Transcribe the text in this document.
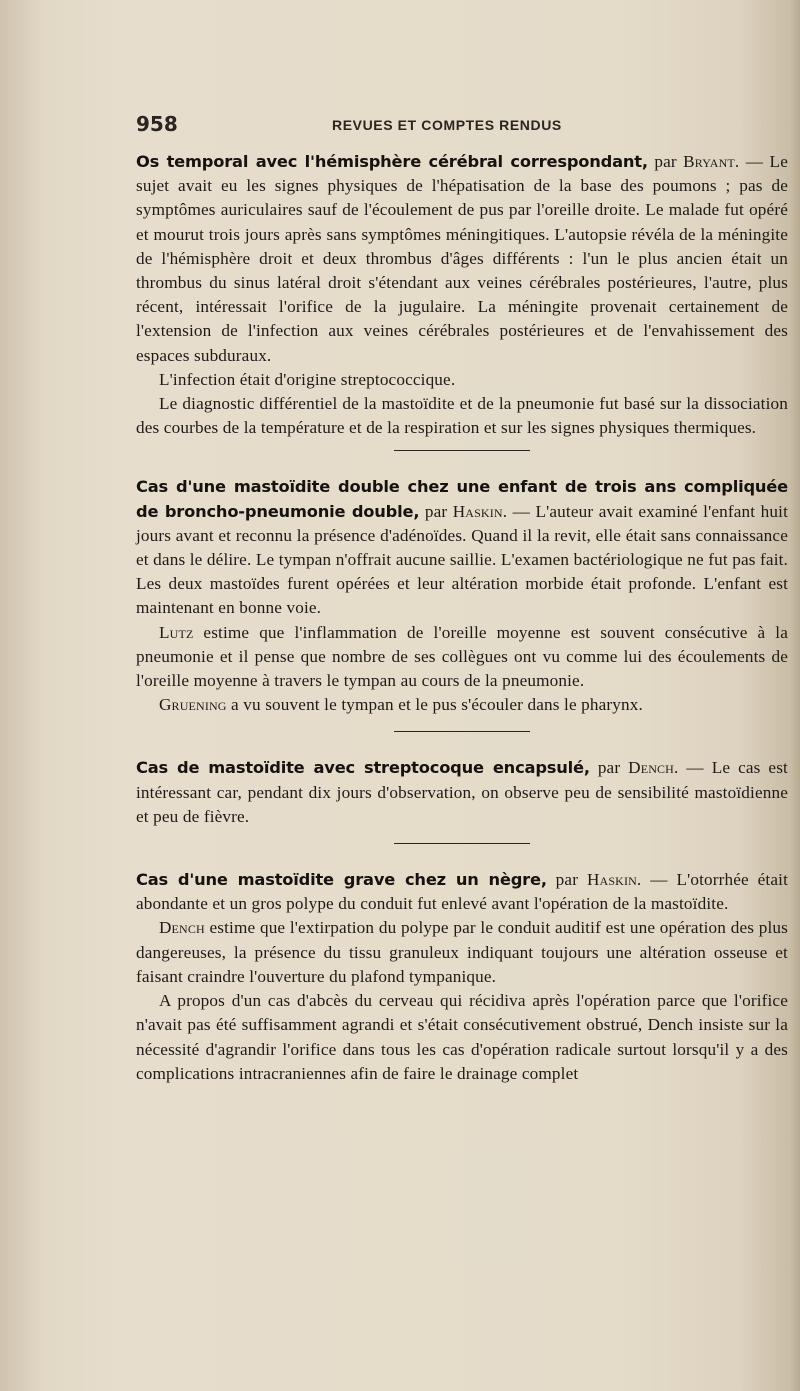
958	REVUES ET COMPTES RENDUS

Os temporal avec l'hémisphère cérébral correspondant, par Bryant. — Le sujet avait eu les signes physiques de l'hépatisation de la base des poumons ; pas de symptômes auriculaires sauf de l'écoulement de pus par l'oreille droite. Le malade fut opéré et mourut trois jours après sans symptômes méningitiques. L'autopsie révéla de la méningite de l'hémisphère droit et deux thrombus d'âges différents : l'un le plus ancien était un thrombus du sinus latéral droit s'étendant aux veines cérébrales postérieures, l'autre, plus récent, intéressait l'orifice de la jugulaire. La méningite provenait certainement de l'extension de l'infection aux veines cérébrales postérieures et de l'envahissement des espaces subduraux.

L'infection était d'origine streptococcique.

Le diagnostic différentiel de la mastoïdite et de la pneumonie fut basé sur la dissociation des courbes de la température et de la respiration et sur les signes physiques thermiques.

Cas d'une mastoïdite double chez une enfant de trois ans compliquée de broncho-pneumonie double, par Haskin. — L'auteur avait examiné l'enfant huit jours avant et reconnu la présence d'adénoïdes. Quand il la revit, elle était sans connaissance et dans le délire. Le tympan n'offrait aucune saillie. L'examen bactériologique ne fut pas fait. Les deux mastoïdes furent opérées et leur altération morbide était profonde. L'enfant est maintenant en bonne voie.

Lutz estime que l'inflammation de l'oreille moyenne est souvent consécutive à la pneumonie et il pense que nombre de ses collègues ont vu comme lui des écoulements de l'oreille moyenne à travers le tympan au cours de la pneumonie.

Gruening a vu souvent le tympan et le pus s'écouler dans le pharynx.

Cas de mastoïdite avec streptocoque encapsulé, par Dench. — Le cas est intéressant car, pendant dix jours d'observation, on observe peu de sensibilité mastoïdienne et peu de fièvre.

Cas d'une mastoïdite grave chez un nègre, par Haskin. — L'otorrhée était abondante et un gros polype du conduit fut enlevé avant l'opération de la mastoïdite.

Dench estime que l'extirpation du polype par le conduit auditif est une opération des plus dangereuses, la présence du tissu granuleux indiquant toujours une altération osseuse et faisant craindre l'ouverture du plafond tympanique.

A propos d'un cas d'abcès du cerveau qui récidiva après l'opération parce que l'orifice n'avait pas été suffisamment agrandi et s'était consécutivement obstrué, Dench insiste sur la nécessité d'agrandir l'orifice dans tous les cas d'opération radicale surtout lorsqu'il y a des complications intracraniennes afin de faire le drainage complet
